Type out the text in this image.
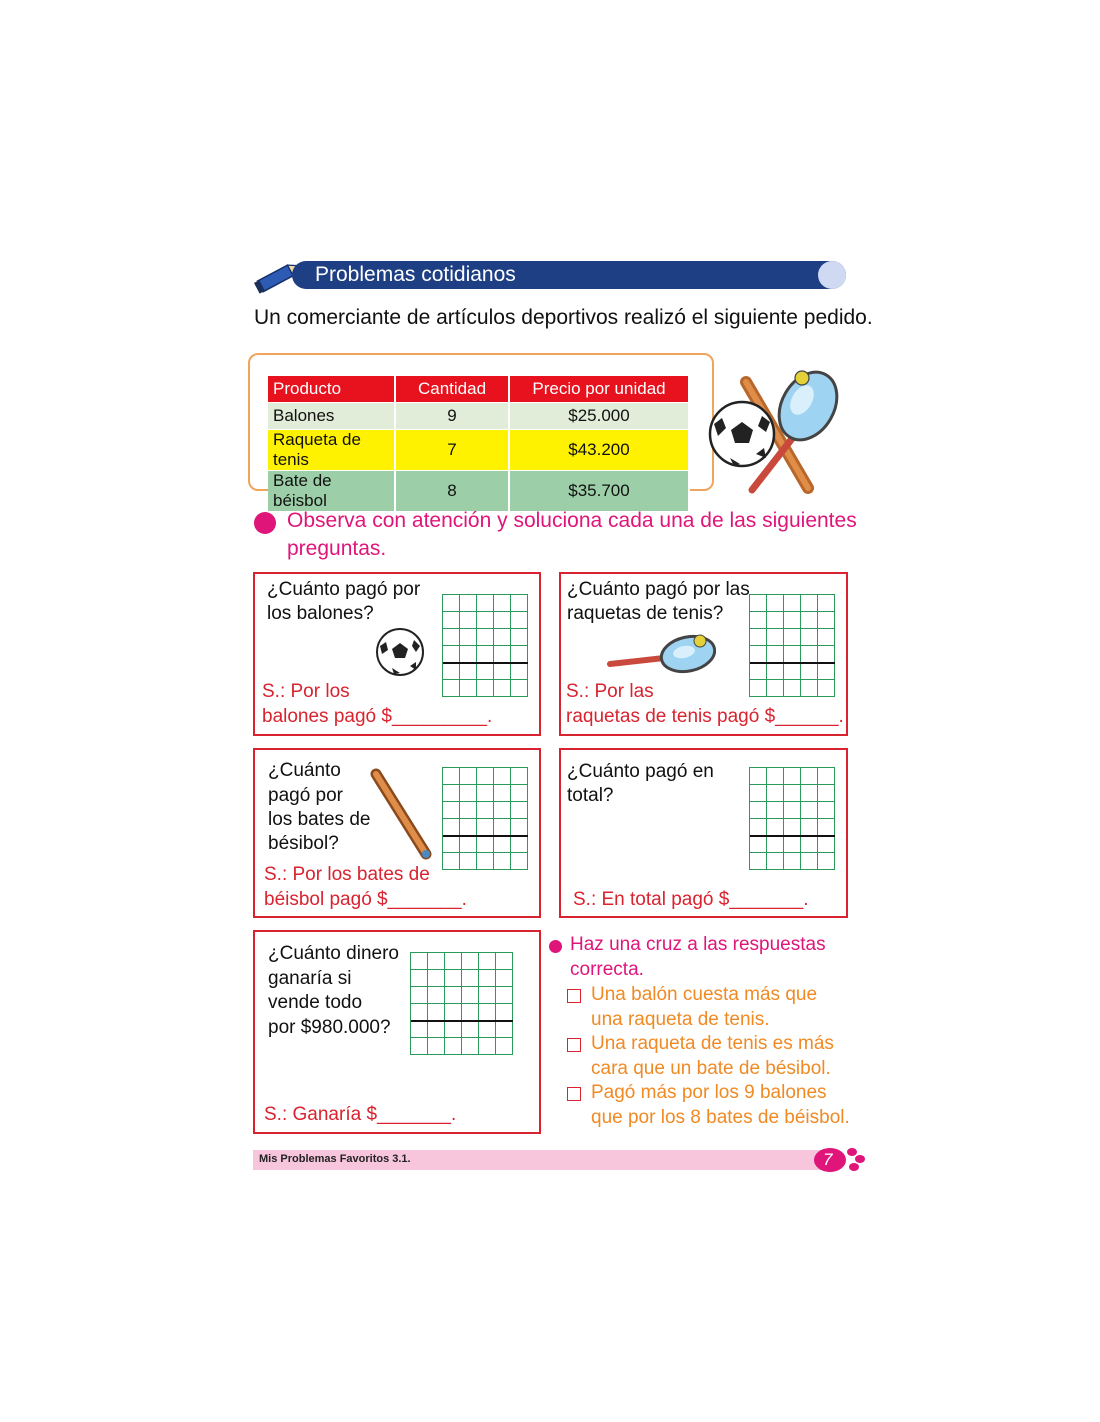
Problemas cotidianos
Un comerciante de artículos deportivos realizó el siguiente pedido.
Producto	Cantidad	Precio por unidad
Balones	9	$25.000
Raqueta de tenis	7	$43.200
Bate de béisbol	8	$35.700
Observa con atención y soluciona cada una de las siguientes
preguntas.
¿Cuánto pagó por
los balones?
S.: Por los
balones pagó $_________.
¿Cuánto pagó por las
raquetas de tenis?
S.: Por las
raquetas de tenis pagó $______.
¿Cuánto
pagó por
los bates de
bésibol?
S.: Por los bates de
béisbol pagó $_______.
¿Cuánto pagó en
total?
S.: En total pagó $_______.
¿Cuánto dinero
ganaría si
vende todo
por $980.000?
S.: Ganaría $_______.
Haz una cruz a las respuestas
correcta.
Una balón cuesta más que
una raqueta de tenis.
Una raqueta de tenis es más
cara que un bate de bésibol.
Pagó más por los 9 balones
que por los 8 bates de béisbol.
Mis Problemas Favoritos 3.1.	7
